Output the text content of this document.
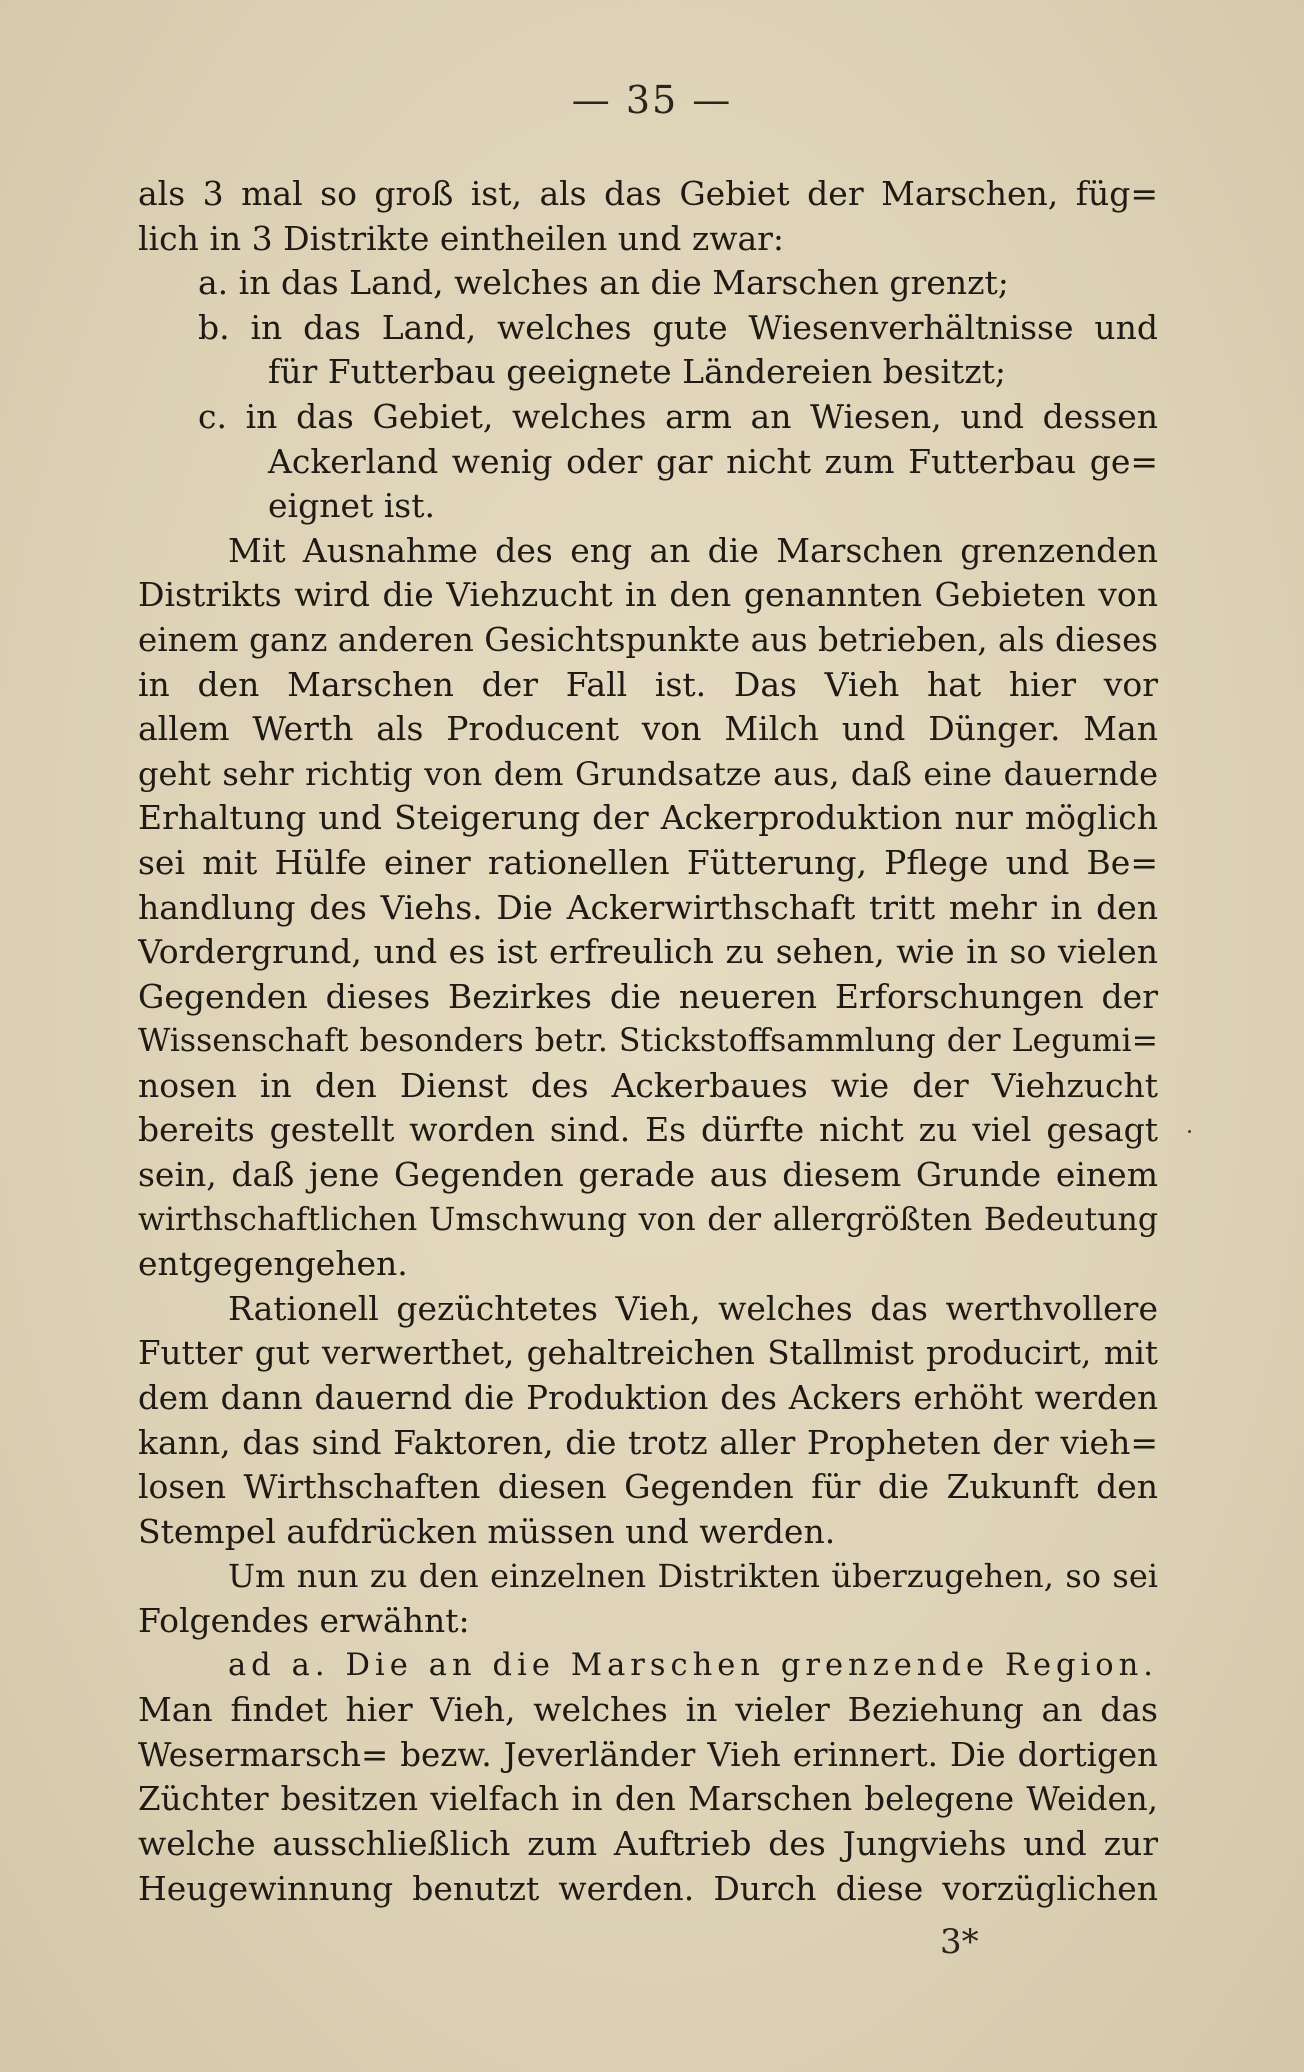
— 35 —
als 3 mal so groß ist, als das Gebiet der Marschen, füg=
lich in 3 Distrikte eintheilen und zwar:
a. in das Land, welches an die Marschen grenzt;
b. in das Land, welches gute Wiesenverhältnisse und
für Futterbau geeignete Ländereien besitzt;
c. in das Gebiet, welches arm an Wiesen, und dessen
Ackerland wenig oder gar nicht zum Futterbau ge=
eignet ist.
Mit Ausnahme des eng an die Marschen grenzenden
Distrikts wird die Viehzucht in den genannten Gebieten von
einem ganz anderen Gesichtspunkte aus betrieben, als dieses
in den Marschen der Fall ist. Das Vieh hat hier vor
allem Werth als Producent von Milch und Dünger. Man
geht sehr richtig von dem Grundsatze aus, daß eine dauernde
Erhaltung und Steigerung der Ackerproduktion nur möglich
sei mit Hülfe einer rationellen Fütterung, Pflege und Be=
handlung des Viehs. Die Ackerwirthschaft tritt mehr in den
Vordergrund, und es ist erfreulich zu sehen, wie in so vielen
Gegenden dieses Bezirkes die neueren Erforschungen der
Wissenschaft besonders betr. Stickstoffsammlung der Legumi=
nosen in den Dienst des Ackerbaues wie der Viehzucht
bereits gestellt worden sind. Es dürfte nicht zu viel gesagt
sein, daß jene Gegenden gerade aus diesem Grunde einem
wirthschaftlichen Umschwung von der allergrößten Bedeutung
entgegengehen.
Rationell gezüchtetes Vieh, welches das werthvollere
Futter gut verwerthet, gehaltreichen Stallmist producirt, mit
dem dann dauernd die Produktion des Ackers erhöht werden
kann, das sind Faktoren, die trotz aller Propheten der vieh=
losen Wirthschaften diesen Gegenden für die Zukunft den
Stempel aufdrücken müssen und werden.
Um nun zu den einzelnen Distrikten überzugehen, so sei
Folgendes erwähnt:
ad a. Die an die Marschen grenzende Region.
Man findet hier Vieh, welches in vieler Beziehung an das
Wesermarsch= bezw. Jeverländer Vieh erinnert. Die dortigen
Züchter besitzen vielfach in den Marschen belegene Weiden,
welche ausschließlich zum Auftrieb des Jungviehs und zur
Heugewinnung benutzt werden. Durch diese vorzüglichen
3*
